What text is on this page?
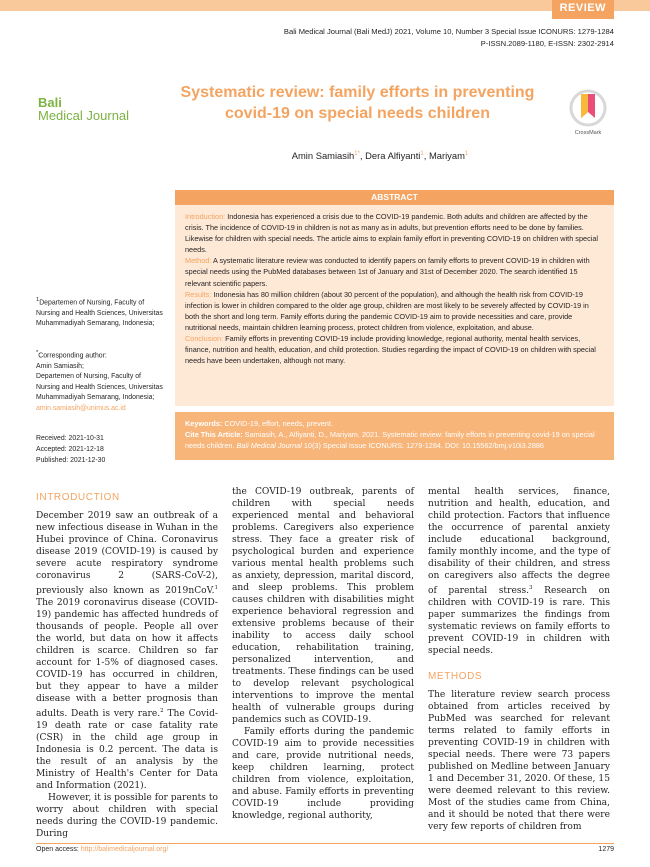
REVIEW
Bali Medical Journal (Bali MedJ) 2021, Volume 10, Number 3 Special Issue ICONURS: 1279-1284
P-ISSN.2089-1180, E-ISSN: 2302-2914
Bali
Medical Journal
CrossMark
Systematic review: family efforts in preventing covid-19 on special needs children
Amin Samiasih$^{1*}$, Dera Alfiyanti$^1$, Mariyam$^1$
ABSTRACT
Introduction: Indonesia has experienced a crisis due to the COVID-19 pandemic. Both adults and children are affected by the crisis. The incidence of COVID-19 in children is not as many as in adults, but prevention efforts need to be done by families. Likewise for children with special needs. The article aims to explain family effort in preventing COVID-19 on children with special needs.
Method: A systematic literature review was conducted to identify papers on family efforts to prevent COVID-19 in children with special needs using the PubMed databases between 1st of January and 31st of December 2020. The search identified 15 relevant scientific papers.
Results: Indonesia has 80 million children (about 30 percent of the population), and although the health risk from COVID-19 infection is lower in children compared to the older age group, children are most likely to be severely affected by COVID-19 in both the short and long term. Family efforts during the pandemic COVID-19 aim to provide necessities and care, provide nutritional needs, maintain children learning process, protect children from violence, exploitation, and abuse.
Conclusion: Family efforts in preventing COVID-19 include providing knowledge, regional authority, mental health services, finance, nutrition and health, education, and child protection. Studies regarding the impact of COVID-19 on children with special needs have been undertaken, although not many.
Keywords: COVID-19, effort, needs, prevent.
Cite This Article: Samiasih, A., Alfiyanti, D., Mariyam. 2021. Systematic review: family efforts in preventing covid-19 on special needs children. Bali Medical Journal 10(3) Special Issue ICONURS: 1279-1284. DOI: 10.15562/bmj.v10i3.2886
$^1$Departemen of Nursing, Faculty of Nursing and Health Sciences, Universitas Muhammadiyah Semarang, Indonesia;
*Corresponding author:
Amin Samiasih;
Departemen of Nursing, Faculty of Nursing and Health Sciences, Universitas Muhammadiyah Semarang, Indonesia;
amin.samiasih@unimus.ac.id
Received: 2021-10-31
Accepted: 2021-12-18
Published: 2021-12-30
INTRODUCTION

December 2019 saw an outbreak of a new infectious disease in Wuhan in the Hubei province of China. Coronavirus disease 2019 (COVID-19) is caused by severe acute respiratory syndrome coronavirus 2 (SARS-CoV-2), previously also known as 2019nCoV.$^1$ The 2019 coronavirus disease (COVID-19) pandemic has affected hundreds of thousands of people. People all over the world, but data on how it affects children is scarce. Children so far account for 1-5% of diagnosed cases. COVID-19 has occurred in children, but they appear to have a milder disease with a better prognosis than adults. Death is very rare.$^2$ The Covid-19 death rate or case fatality rate (CSR) in the child age group in Indonesia is 0.2 percent. The data is the result of an analysis by the Ministry of Health's Center for Data and Information (2021).

However, it is possible for parents to worry about children with special needs during the COVID-19 pandemic. During

the COVID-19 outbreak, parents of children with special needs experienced mental and behavioral problems. Caregivers also experience stress. They face a greater risk of psychological burden and experience various mental health problems such as anxiety, depression, marital discord, and sleep problems. This problem causes children with disabilities might experience behavioral regression and extensive problems because of their inability to access daily school education, rehabilitation training, personalized intervention, and treatments. These findings can be used to develop relevant psychological interventions to improve the mental health of vulnerable groups during pandemics such as COVID-19.

Family efforts during the pandemic COVID-19 aim to provide necessities and care, provide nutritional needs, keep children learning, protect children from violence, exploitation, and abuse. Family efforts in preventing COVID-19 include providing knowledge, regional authority,

mental health services, finance, nutrition and health, education, and child protection. Factors that influence the occurrence of parental anxiety include educational background, family monthly income, and the type of disability of their children, and stress on caregivers also affects the degree of parental stress.$^3$ Research on children with COVID-19 is rare. This paper summarizes the findings from systematic reviews on family efforts to prevent COVID-19 in children with special needs.

METHODS

The literature review search process obtained from articles received by PubMed was searched for relevant terms related to family efforts in preventing COVID-19 in children with special needs. There were 73 papers published on Medline between January 1 and December 31, 2020. Of these, 15 were deemed relevant to this review. Most of the studies came from China, and it should be noted that there were very few reports of children from

Open access: http://balimedicaljournal.org/	1279
